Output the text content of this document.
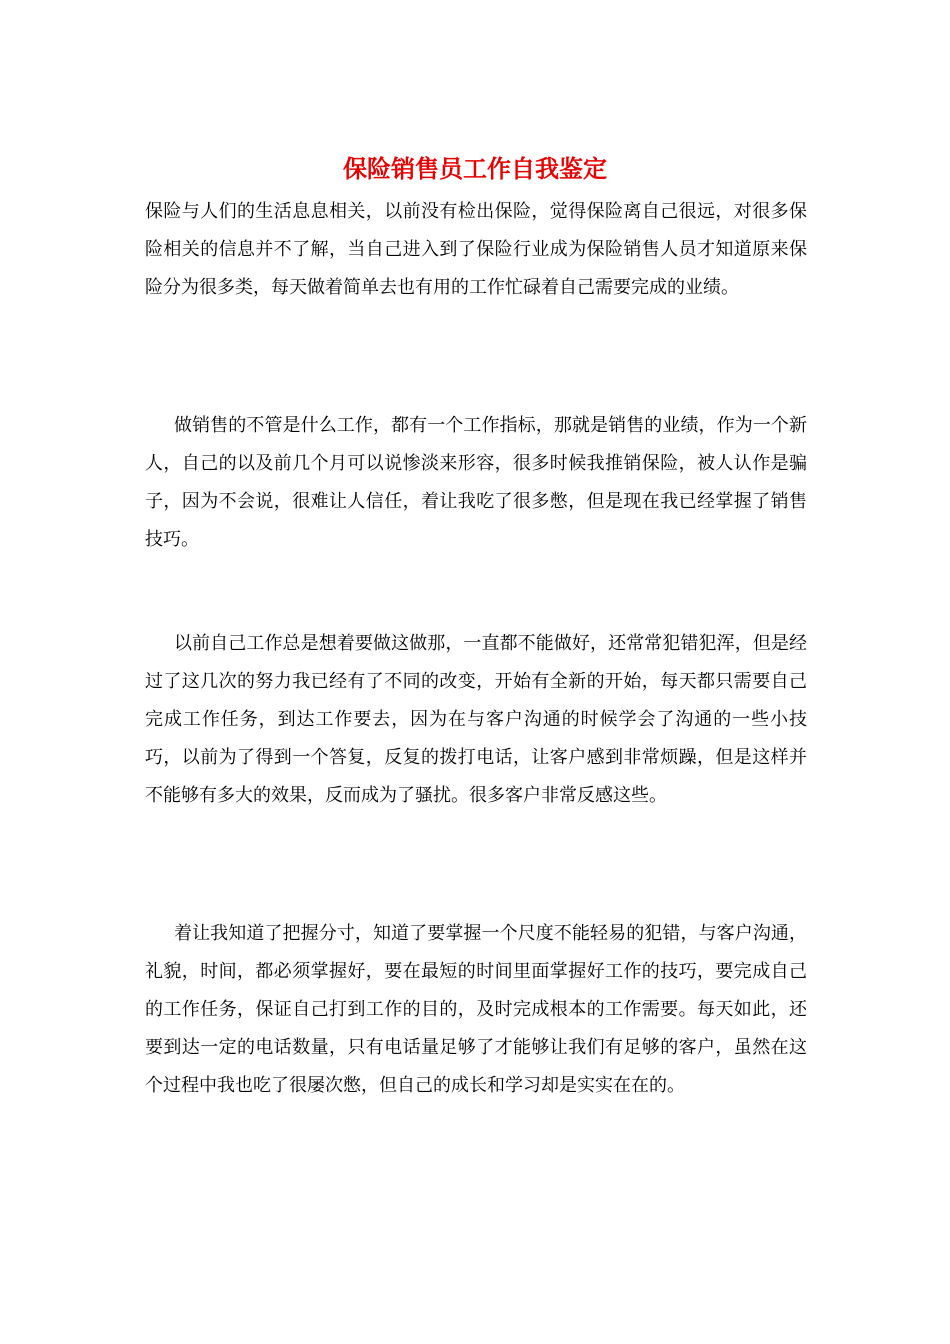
保险销售员工作自我鉴定

保险与人们的生活息息相关，以前没有检出保险，觉得保险离自己很远，对很多保险相关的信息并不了解，当自己进入到了保险行业成为保险销售人员才知道原来保险分为很多类，每天做着简单去也有用的工作忙碌着自己需要完成的业绩。

做销售的不管是什么工作，都有一个工作指标，那就是销售的业绩，作为一个新人，自己的以及前几个月可以说惨淡来形容，很多时候我推销保险，被人认作是骗子，因为不会说，很难让人信任，着让我吃了很多憋，但是现在我已经掌握了销售技巧。

以前自己工作总是想着要做这做那，一直都不能做好，还常常犯错犯浑，但是经过了这几次的努力我已经有了不同的改变，开始有全新的开始，每天都只需要自己完成工作任务，到达工作要去，因为在与客户沟通的时候学会了沟通的一些小技巧，以前为了得到一个答复，反复的拨打电话，让客户感到非常烦躁，但是这样并不能够有多大的效果，反而成为了骚扰。很多客户非常反感这些。

着让我知道了把握分寸，知道了要掌握一个尺度不能轻易的犯错，与客户沟通，礼貌，时间，都必须掌握好，要在最短的时间里面掌握好工作的技巧，要完成自己的工作任务，保证自己打到工作的目的，及时完成根本的工作需要。每天如此，还要到达一定的电话数量，只有电话量足够了才能够让我们有足够的客户，虽然在这个过程中我也吃了很屡次憋，但自己的成长和学习却是实实在在的。
